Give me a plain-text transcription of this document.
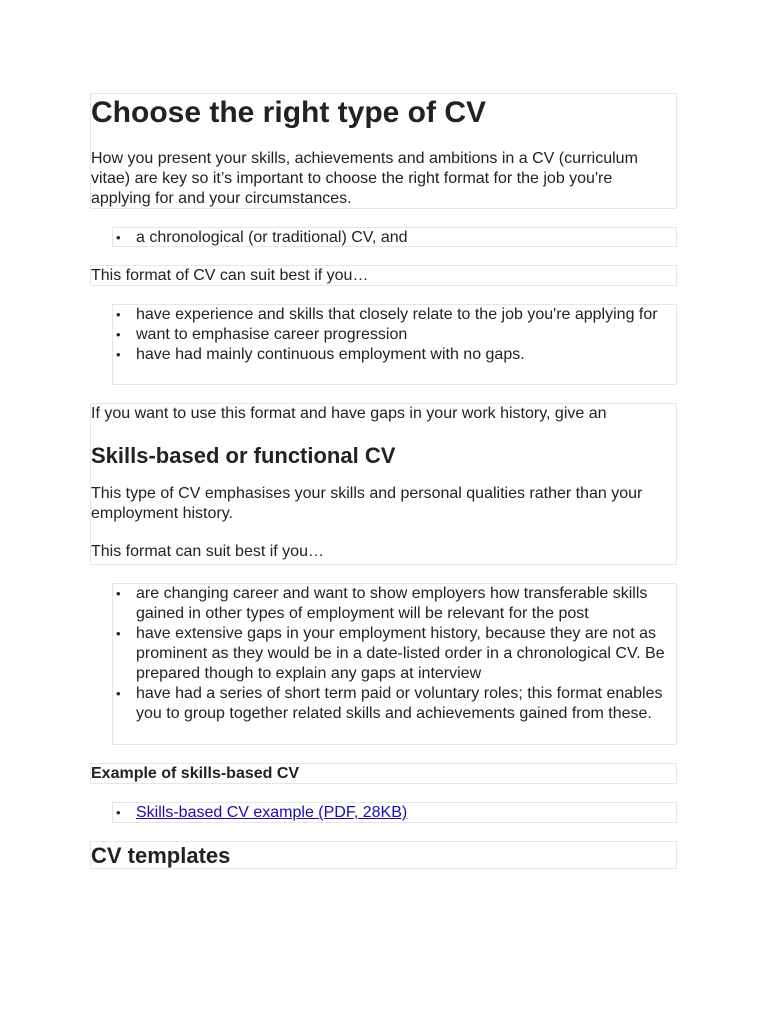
Choose the right type of CV

How you present your skills, achievements and ambitions in a CV (curriculum vitae) are key so it’s important to choose the right format for the job you're applying for and your circumstances.

• a chronological (or traditional) CV, and

This format of CV can suit best if you…

• have experience and skills that closely relate to the job you're applying for
• want to emphasise career progression
• have had mainly continuous employment with no gaps.

If you want to use this format and have gaps in your work history, give an

Skills-based or functional CV

This type of CV emphasises your skills and personal qualities rather than your employment history.

This format can suit best if you…

• are changing career and want to show employers how transferable skills gained in other types of employment will be relevant for the post
• have extensive gaps in your employment history, because they are not as prominent as they would be in a date-listed order in a chronological CV. Be prepared though to explain any gaps at interview
• have had a series of short term paid or voluntary roles; this format enables you to group together related skills and achievements gained from these.

Example of skills-based CV

• Skills-based CV example (PDF, 28KB)
CV templates
